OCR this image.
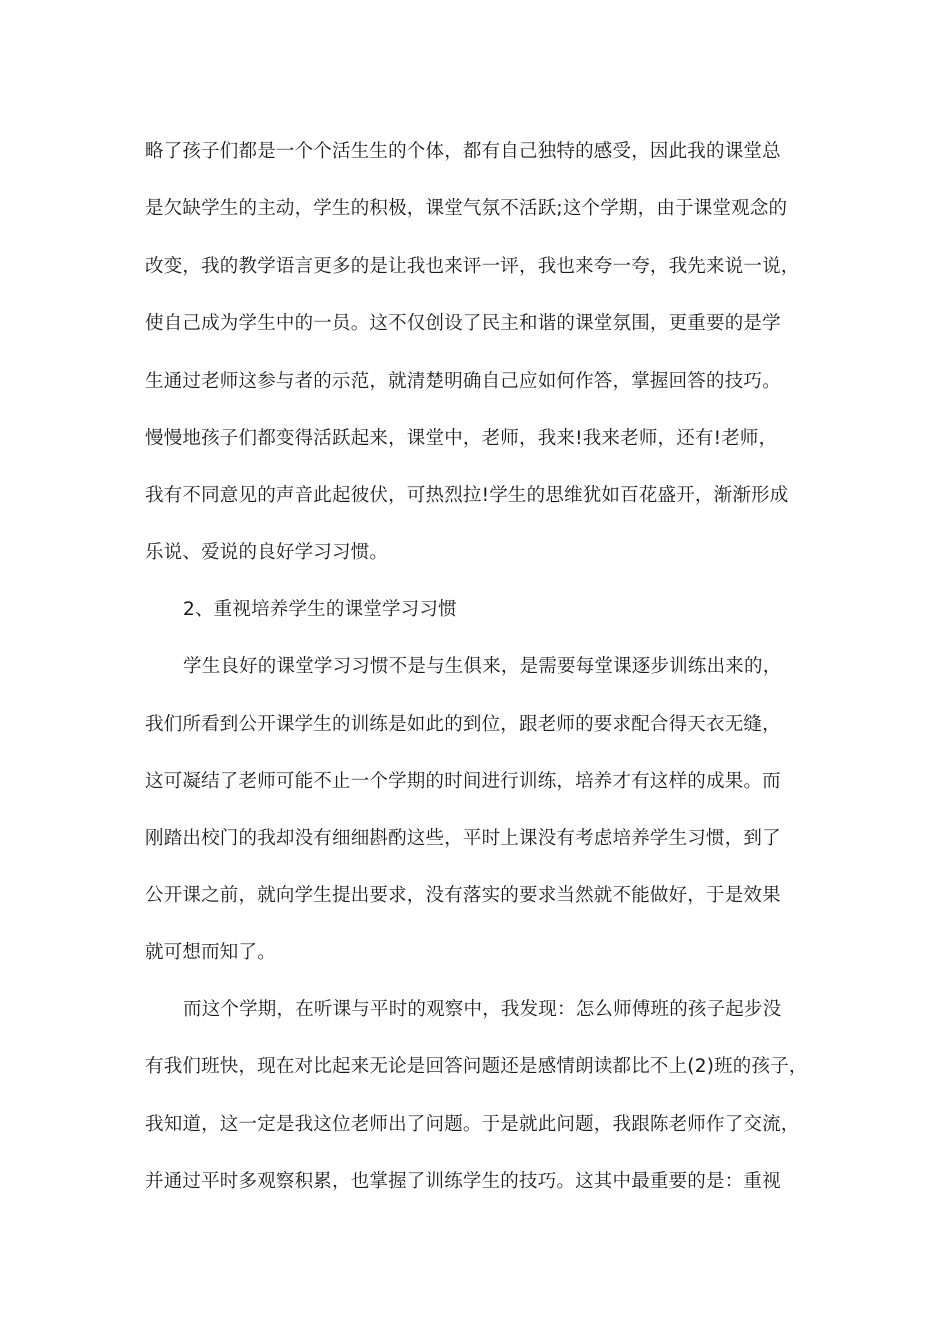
略了孩子们都是一个个活生生的个体，都有自己独特的感受，因此我的课堂总
是欠缺学生的主动，学生的积极，课堂气氛不活跃;这个学期，由于课堂观念的
改变，我的教学语言更多的是让我也来评一评，我也来夸一夸，我先来说一说，
使自己成为学生中的一员。这不仅创设了民主和谐的课堂氛围，更重要的是学
生通过老师这参与者的示范，就清楚明确自己应如何作答，掌握回答的技巧。
慢慢地孩子们都变得活跃起来，课堂中，老师，我来!我来老师，还有!老师，
我有不同意见的声音此起彼伏，可热烈拉!学生的思维犹如百花盛开，渐渐形成
乐说、爱说的良好学习习惯。
2、重视培养学生的课堂学习习惯
学生良好的课堂学习习惯不是与生俱来，是需要每堂课逐步训练出来的，
我们所看到公开课学生的训练是如此的到位，跟老师的要求配合得天衣无缝，
这可凝结了老师可能不止一个学期的时间进行训练，培养才有这样的成果。而
刚踏出校门的我却没有细细斟酌这些，平时上课没有考虑培养学生习惯，到了
公开课之前，就向学生提出要求，没有落实的要求当然就不能做好，于是效果
就可想而知了。
而这个学期，在听课与平时的观察中，我发现：怎么师傅班的孩子起步没
有我们班快，现在对比起来无论是回答问题还是感情朗读都比不上(2)班的孩子，
我知道，这一定是我这位老师出了问题。于是就此问题，我跟陈老师作了交流，
并通过平时多观察积累，也掌握了训练学生的技巧。这其中最重要的是：重视
